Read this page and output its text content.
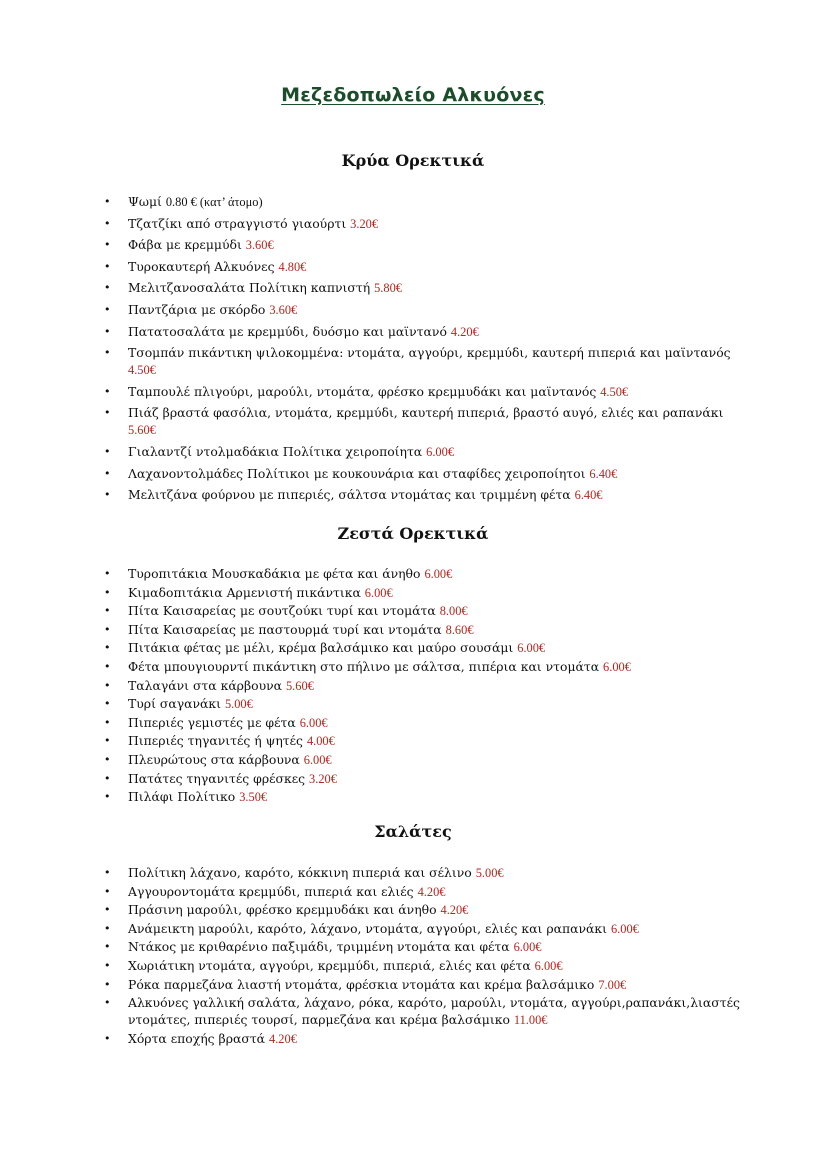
Μεζεδοπωλείο Αλκυόνες
Κρύα Ορεκτικά
• Ψωμί 0.80 € (κατ’ άτομο)
• Τζατζίκι από στραγγιστό γιαούρτι 3.20€
• Φάβα με κρεμμύδι 3.60€
• Τυροκαυτερή Αλκυόνες 4.80€
• Μελιτζανοσαλάτα Πολίτικη καπνιστή 5.80€
• Παντζάρια με σκόρδο 3.60€
• Πατατοσαλάτα με κρεμμύδι, δυόσμο και μαϊντανό 4.20€
• Τσομπάν πικάντικη ψιλοκομμένα: ντομάτα, αγγούρι, κρεμμύδι, καυτερή πιπεριά και μαϊντανός 4.50€
• Ταμπουλέ πλιγούρι, μαρούλι, ντομάτα, φρέσκο κρεμμυδάκι και μαϊντανός 4.50€
• Πιάζ βραστά φασόλια, ντομάτα, κρεμμύδι, καυτερή πιπεριά, βραστό αυγό, ελιές και ραπανάκι 5.60€
• Γιαλαντζί ντολμαδάκια Πολίτικα χειροποίητα 6.00€
• Λαχανοντολμάδες Πολίτικοι με κουκουνάρια και σταφίδες χειροποίητοι 6.40€
• Μελιτζάνα φούρνου με πιπεριές, σάλτσα ντομάτας και τριμμένη φέτα 6.40€
Ζεστά Ορεκτικά
• Τυροπιτάκια Μουσκαδάκια με φέτα και άνηθο 6.00€
• Κιμαδοπιτάκια Αρμενιστή πικάντικα 6.00€
• Πίτα Καισαρείας με σουτζούκι τυρί και ντομάτα 8.00€
• Πίτα Καισαρείας με παστουρμά τυρί και ντομάτα 8.60€
• Πιτάκια φέτας με μέλι, κρέμα βαλσάμικο και μαύρο σουσάμι 6.00€
• Φέτα μπουγιουρντί πικάντικη στο πήλινο με σάλτσα, πιπέρια και ντομάτα 6.00€
• Ταλαγάνι στα κάρβουνα 5.60€
• Τυρί σαγανάκι 5.00€
• Πιπεριές γεμιστές με φέτα 6.00€
• Πιπεριές τηγανιτές ή ψητές 4.00€
• Πλευρώτους στα κάρβουνα 6.00€
• Πατάτες τηγανιτές φρέσκες 3.20€
• Πιλάφι Πολίτικο 3.50€
Σαλάτες
• Πολίτικη λάχανο, καρότο, κόκκινη πιπεριά και σέλινο 5.00€
• Αγγουροντομάτα κρεμμύδι, πιπεριά και ελιές 4.20€
• Πράσινη μαρούλι, φρέσκο κρεμμυδάκι και άνηθο 4.20€
• Ανάμεικτη μαρούλι, καρότο, λάχανο, ντομάτα, αγγούρι, ελιές και ραπανάκι 6.00€
• Ντάκος με κριθαρένιο παξιμάδι, τριμμένη ντομάτα και φέτα 6.00€
• Χωριάτικη ντομάτα, αγγούρι, κρεμμύδι, πιπεριά, ελιές και φέτα 6.00€
• Ρόκα παρμεζάνα λιαστή ντομάτα, φρέσκια ντομάτα και κρέμα βαλσάμικο 7.00€
• Αλκυόνες γαλλική σαλάτα, λάχανο, ρόκα, καρότο, μαρούλι, ντομάτα, αγγούρι,ραπανάκι,λιαστές ντομάτες, πιπεριές τουρσί, παρμεζάνα και κρέμα βαλσάμικο 11.00€
• Χόρτα εποχής βραστά 4.20€
